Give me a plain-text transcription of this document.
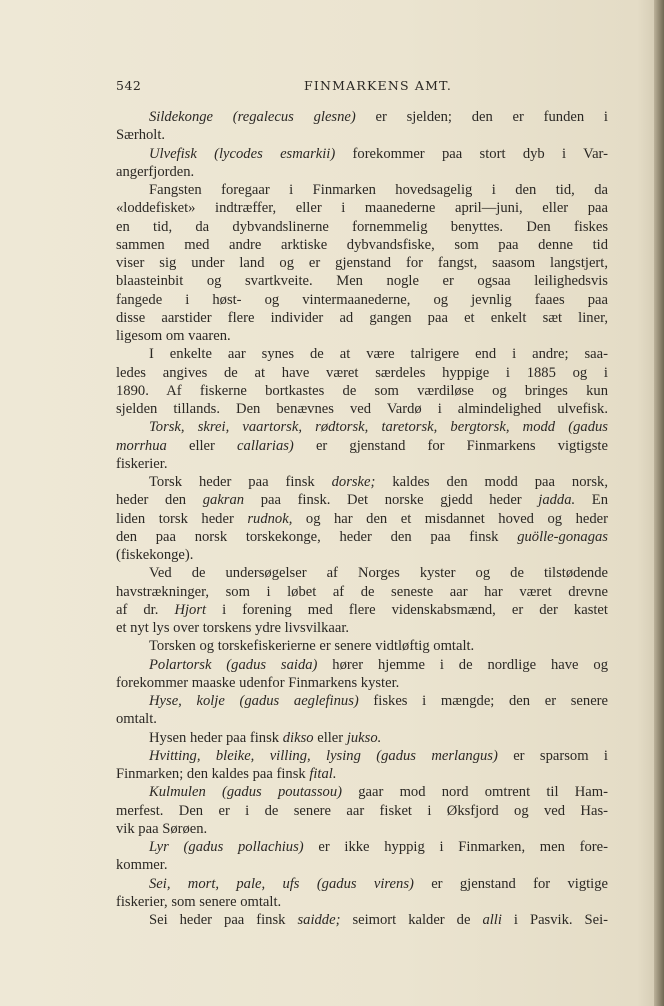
542	FINMARKENS AMT.
Sildekonge (regalecus glesne) er sjelden; den er funden i
Særholt.
Ulvefisk (lycodes esmarkii) forekommer paa stort dyb i Var-
angerfjorden.
Fangsten foregaar i Finmarken hovedsagelig i den tid, da
«loddefisket» indtræffer, eller i maanederne april—juni, eller paa
en tid, da dybvandslinerne fornemmelig benyttes. Den fiskes
sammen med andre arktiske dybvandsfiske, som paa denne tid
viser sig under land og er gjenstand for fangst, saasom langstjert,
blaasteinbit og svartkveite. Men nogle er ogsaa leilighedsvis
fangede i høst- og vintermaanederne, og jevnlig faaes paa
disse aarstider flere individer ad gangen paa et enkelt sæt liner,
ligesom om vaaren.
I enkelte aar synes de at være talrigere end i andre; saa-
ledes angives de at have været særdeles hyppige i 1885 og i
1890. Af fiskerne bortkastes de som værdiløse og bringes kun
sjelden tillands. Den benævnes ved Vardø i almindelighed ulvefisk.
Torsk, skrei, vaartorsk, rødtorsk, taretorsk, bergtorsk, modd (gadus
morrhua eller callarias) er gjenstand for Finmarkens vigtigste
fiskerier.
Torsk heder paa finsk dorske; kaldes den modd paa norsk,
heder den gakran paa finsk. Det norske gjedd heder jadda. En
liden torsk heder rudnok, og har den et misdannet hoved og heder
den paa norsk torskekonge, heder den paa finsk guölle-gonagas
(fiskekonge).
Ved de undersøgelser af Norges kyster og de tilstødende
havstrækninger, som i løbet af de seneste aar har været drevne
af dr. Hjort i forening med flere videnskabsmænd, er der kastet
et nyt lys over torskens ydre livsvilkaar.
Torsken og torskefiskerierne er senere vidtløftig omtalt.
Polartorsk (gadus saida) hører hjemme i de nordlige have og
forekommer maaske udenfor Finmarkens kyster.
Hyse, kolje (gadus aeglefinus) fiskes i mængde; den er senere
omtalt.
Hysen heder paa finsk dikso eller jukso.
Hvitting, bleike, villing, lysing (gadus merlangus) er sparsom i
Finmarken; den kaldes paa finsk fital.
Kulmulen (gadus poutassou) gaar mod nord omtrent til Ham-
merfest. Den er i de senere aar fisket i Øksfjord og ved Has-
vik paa Sørøen.
Lyr (gadus pollachius) er ikke hyppig i Finmarken, men fore-
kommer.
Sei, mort, pale, ufs (gadus virens) er gjenstand for vigtige
fiskerier, som senere omtalt.
Sei heder paa finsk saidde; seimort kalder de alli i Pasvik. Sei-
